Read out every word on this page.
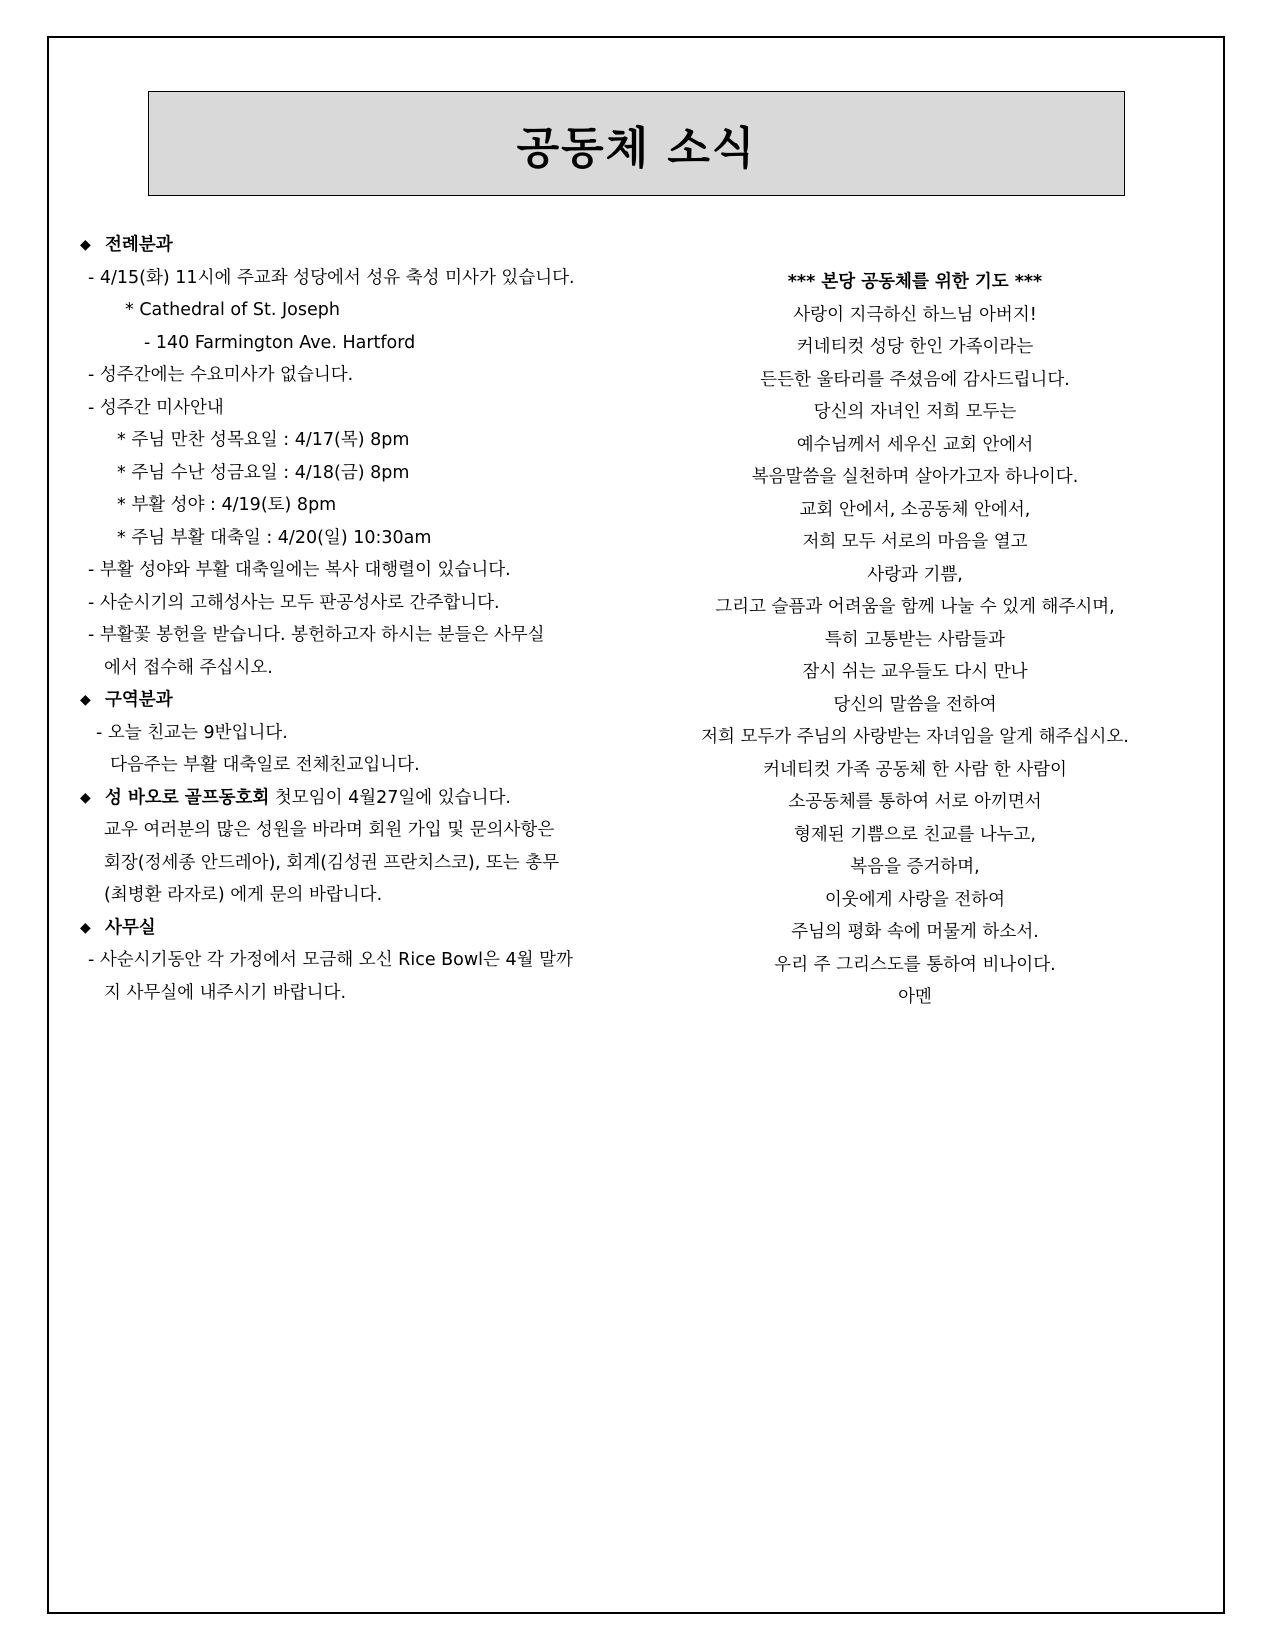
공동체 소식
◆ 전례분과
- 4/15(화) 11시에 주교좌 성당에서 성유 축성 미사가 있습니다.
* Cathedral of St. Joseph
- 140 Farmington Ave. Hartford
- 성주간에는 수요미사가 없습니다.
- 성주간 미사안내
* 주님 만찬 성목요일 : 4/17(목) 8pm
* 주님 수난 성금요일 : 4/18(금) 8pm
* 부활 성야 : 4/19(토) 8pm
* 주님 부활 대축일 : 4/20(일) 10:30am
- 부활 성야와 부활 대축일에는 복사 대행렬이 있습니다.
- 사순시기의 고해성사는 모두 판공성사로 간주합니다.
- 부활꽃 봉헌을 받습니다. 봉헌하고자 하시는 분들은 사무실
에서 접수해 주십시오.
◆ 구역분과
- 오늘 친교는 9반입니다.
다음주는 부활 대축일로 전체친교입니다.
◆ 성 바오로 골프동호회 첫모임이 4월27일에 있습니다.
교우 여러분의 많은 성원을 바라며 회원 가입 및 문의사항은
회장(정세종 안드레아), 회계(김성권 프란치스코), 또는 총무
(최병환 라자로) 에게 문의 바랍니다.
◆ 사무실
- 사순시기동안 각 가정에서 모금해 오신 Rice Bowl은 4월 말까
지 사무실에 내주시기 바랍니다.
*** 본당 공동체를 위한 기도 ***
사랑이 지극하신 하느님 아버지!
커네티컷 성당 한인 가족이라는
든든한 울타리를 주셨음에 감사드립니다.
당신의 자녀인 저희 모두는
예수님께서 세우신 교회 안에서
복음말씀을 실천하며 살아가고자 하나이다.
교회 안에서, 소공동체 안에서,
저희 모두 서로의 마음을 열고
사랑과 기쁨,
그리고 슬픔과 어려움을 함께 나눌 수 있게 해주시며,
특히 고통받는 사람들과
잠시 쉬는 교우들도 다시 만나
당신의 말씀을 전하여
저희 모두가 주님의 사랑받는 자녀임을 알게 해주십시오.
커네티컷 가족 공동체 한 사람 한 사람이
소공동체를 통하여 서로 아끼면서
형제된 기쁨으로 친교를 나누고,
복음을 증거하며,
이웃에게 사랑을 전하여
주님의 평화 속에 머물게 하소서.
우리 주 그리스도를 통하여 비나이다.
아멘
